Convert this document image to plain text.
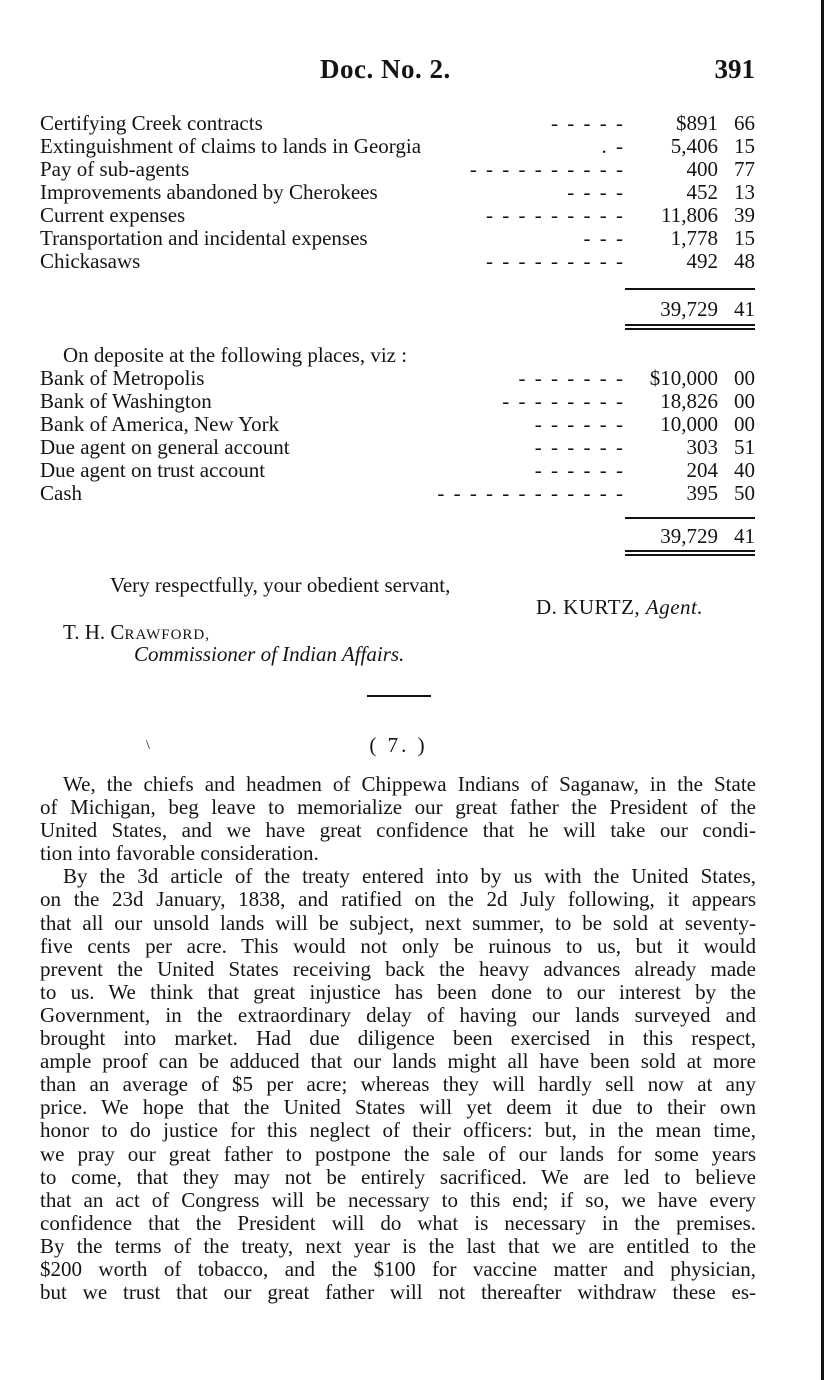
Doc. No. 2.	391
Certifying Creek contracts	- - - - - $891 66
Extinguishment of claims to lands in Georgia	. - 5,406 15
Pay of sub-agents	- - - - - - - - - -	400 77
Improvements abandoned by Cherokees	- - - -	452 13
Current expenses	- - - - - - - - - 11,806 39
Transportation and incidental expenses	- - - 1,778 15
Chickasaws	- - - - - - - - -	492 48
39,729 41
On deposite at the following places, viz :
Bank of Metropolis	- - - - - - - $10,000 00
Bank of Washington	- - - - - - - - 18,826 00
Bank of America, New York	- - - - - - 10,000 00
Due agent on general account	- - - - - -	303 51
Due agent on trust account	- - - - - -	204 40
Cash	- - - - - - - - - - - -	395 50
39,729 41
Very respectfully, your obedient servant,
D. KURTZ, Agent.
T. H. CRAWFORD,
Commissioner of Indian Affairs.
\	( 7. )
We, the chiefs and headmen of Chippewa Indians of Saganaw, in the State
of Michigan, beg leave to memorialize our great father the President of the
United States, and we have great confidence that he will take our condi-
tion into favorable consideration.
By the 3d article of the treaty entered into by us with the United States,
on the 23d January, 1838, and ratified on the 2d July following, it appears
that all our unsold lands will be subject, next summer, to be sold at seventy-
five cents per acre. This would not only be ruinous to us, but it would
prevent the United States receiving back the heavy advances already made
to us. We think that great injustice has been done to our interest by the
Government, in the extraordinary delay of having our lands surveyed and
brought into market. Had due diligence been exercised in this respect,
ample proof can be adduced that our lands might all have been sold at more
than an average of $5 per acre; whereas they will hardly sell now at any
price. We hope that the United States will yet deem it due to their own
honor to do justice for this neglect of their officers: but, in the mean time,
we pray our great father to postpone the sale of our lands for some years
to come, that they may not be entirely sacrificed. We are led to believe
that an act of Congress will be necessary to this end; if so, we have every
confidence that the President will do what is necessary in the premises.
By the terms of the treaty, next year is the last that we are entitled to the
$200 worth of tobacco, and the $100 for vaccine matter and physician,
but we trust that our great father will not thereafter withdraw these es-
